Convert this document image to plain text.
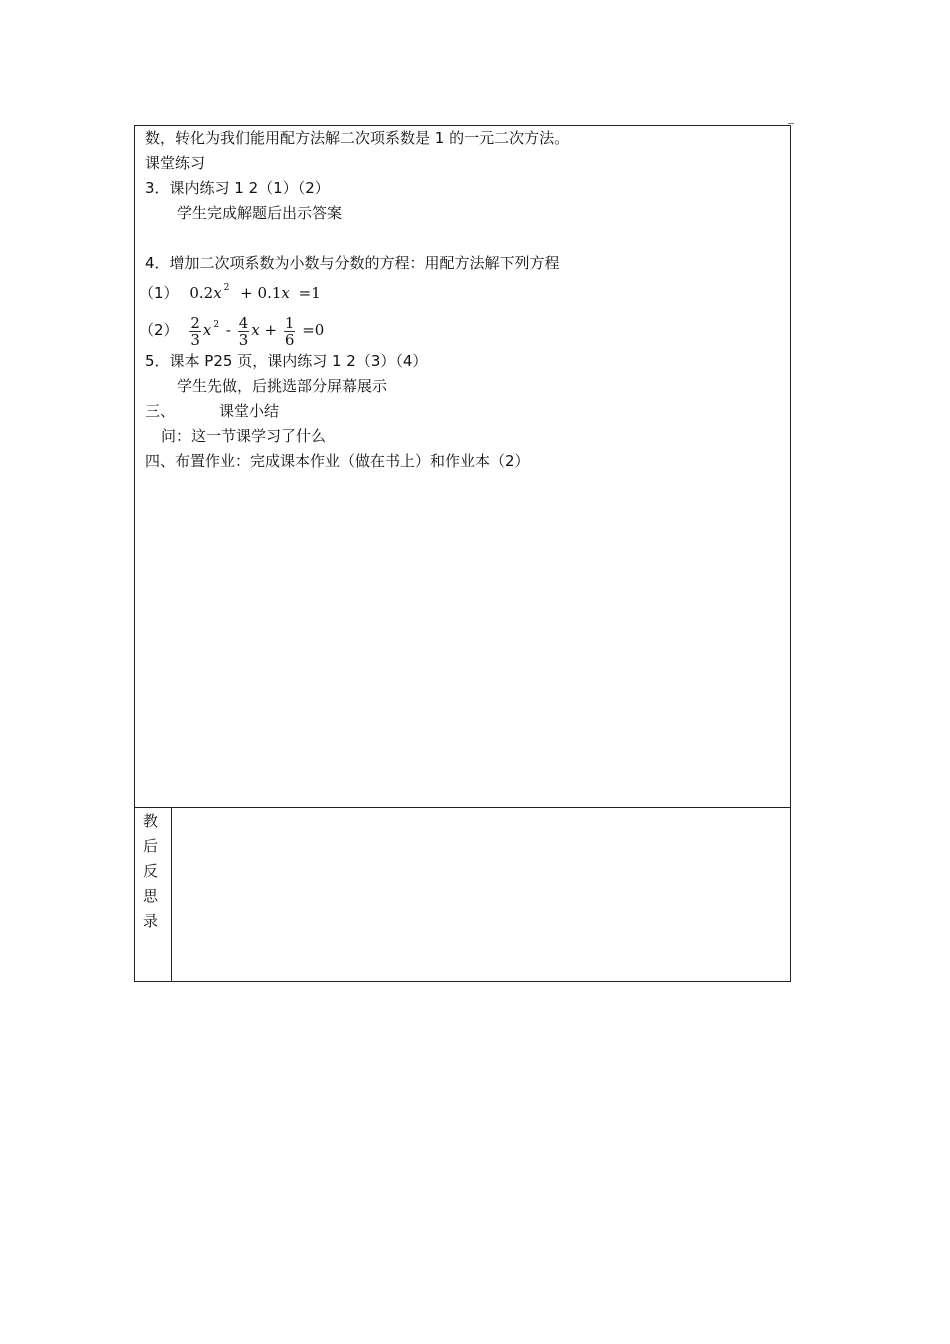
数，转化为我们能用配方法解二次项系数是 1 的一元二次方法。
课堂练习
3．课内练习 1 2（1）（2）
学生完成解题后出示答案
4．增加二次项系数为小数与分数的方程：用配方法解下列方程
（1） 0.2x $^2$ + 0.1x =1
$(2) \frac{2}{3}$ x $^2 - \frac{4}{3}$ $x + \frac{1}{6} =0$
5．课本 P25 页，课内练习 1 2（3）（4）
学生先做，后挑选部分屏幕展示
三、	课堂小结
问：这一节课学习了什么
四、布置作业：完成课本作业（做在书上）和作业本（2）
教
后
反
思
录
